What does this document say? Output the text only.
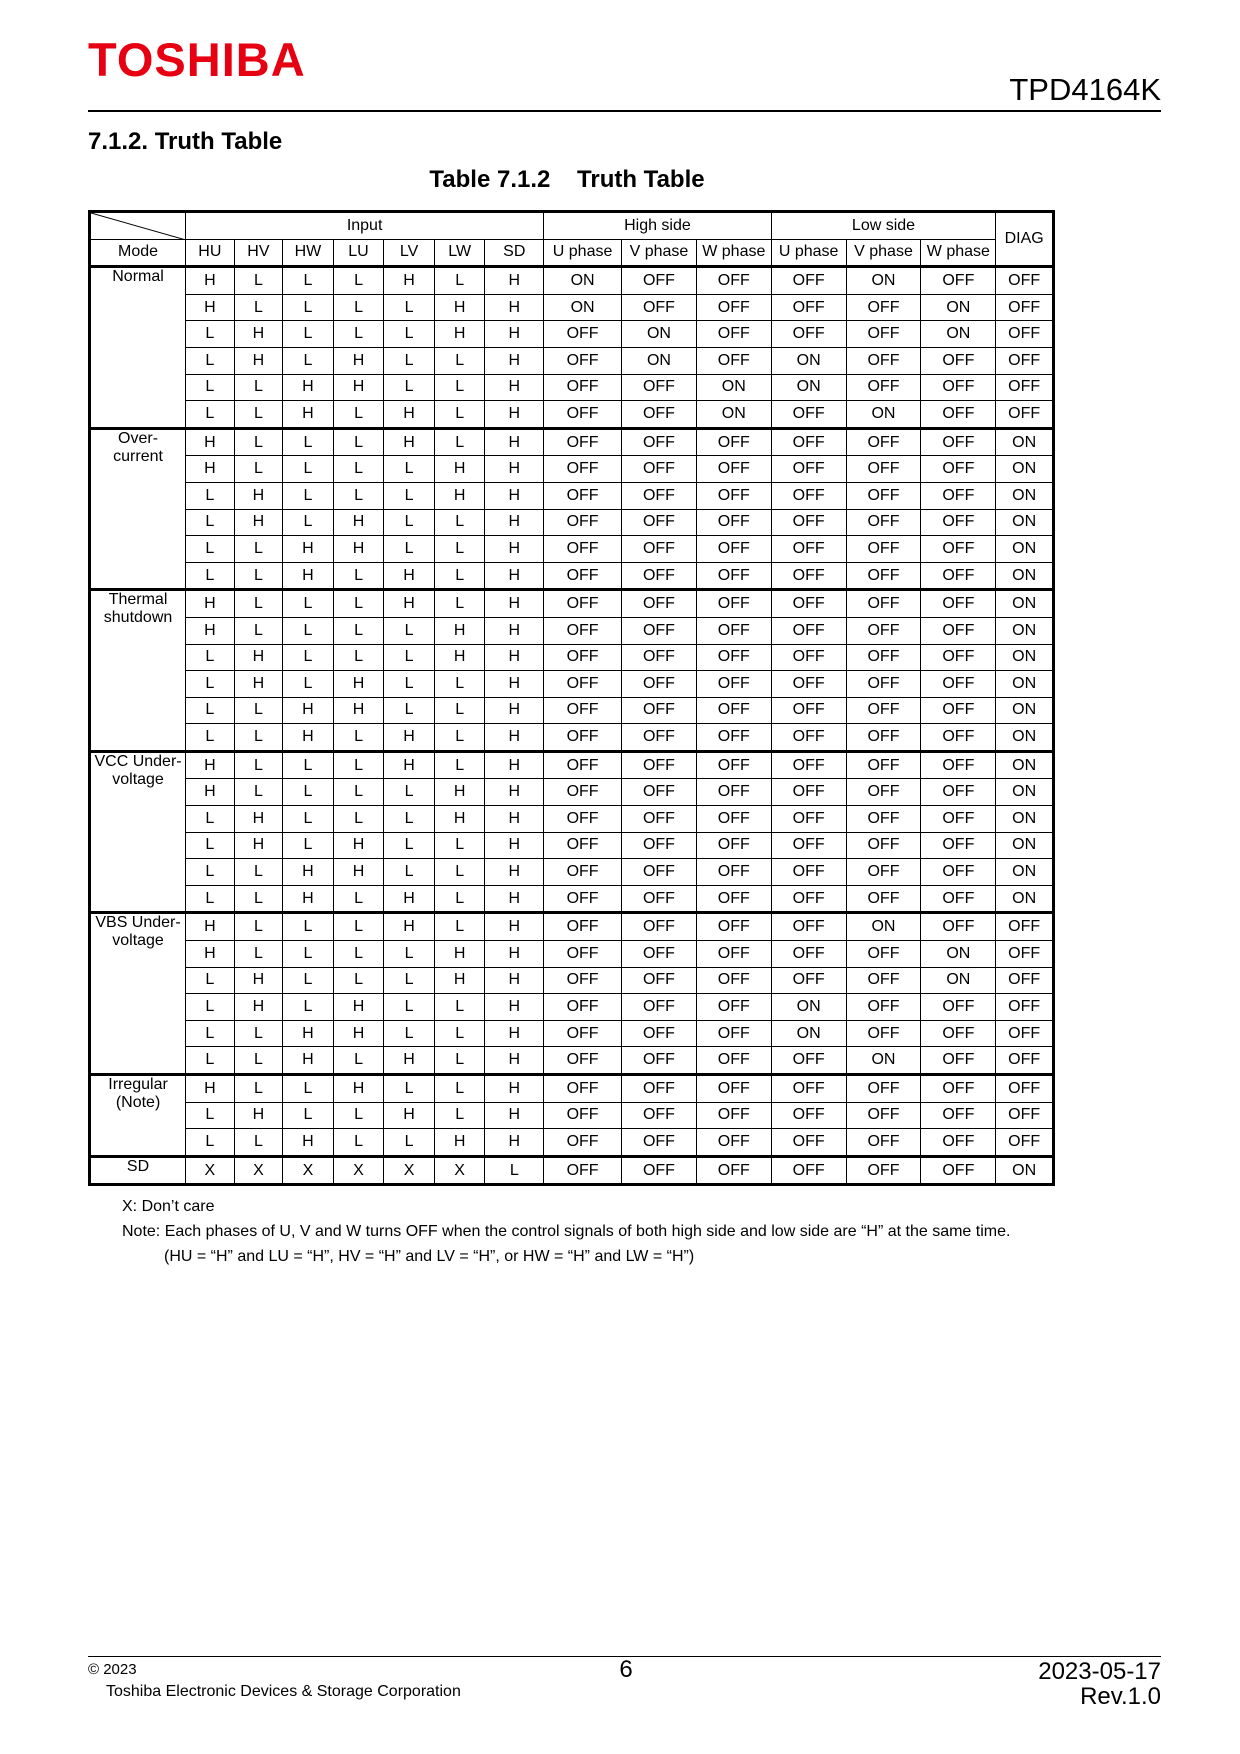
TOSHIBA
TPD4164K
7.1.2. Truth Table
Table 7.1.2    Truth Table
	Input							High side			Low side			DIAG
Mode	HU	HV	HW	LU	LV	LW	SD	U phase	V phase	W phase	U phase	V phase	W phase	

Normal	H	L	L	L	H	L	H	ON	OFF	OFF	OFF	ON	OFF	OFF
	H	L	L	L	L	H	H	ON	OFF	OFF	OFF	OFF	ON	OFF
	L	H	L	L	L	H	H	OFF	ON	OFF	OFF	OFF	ON	OFF
	L	H	L	H	L	L	H	OFF	ON	OFF	ON	OFF	OFF	OFF
	L	L	H	H	L	L	H	OFF	OFF	ON	ON	OFF	OFF	OFF
	L	L	H	L	H	L	H	OFF	OFF	ON	OFF	ON	OFF	OFF

Over-
current	H	L	L	L	H	L	H	OFF	OFF	OFF	OFF	OFF	OFF	ON
	H	L	L	L	L	H	H	OFF	OFF	OFF	OFF	OFF	OFF	ON
	L	H	L	L	L	H	H	OFF	OFF	OFF	OFF	OFF	OFF	ON
	L	H	L	H	L	L	H	OFF	OFF	OFF	OFF	OFF	OFF	ON
	L	L	H	H	L	L	H	OFF	OFF	OFF	OFF	OFF	OFF	ON
	L	L	H	L	H	L	H	OFF	OFF	OFF	OFF	OFF	OFF	ON

Thermal
shutdown	H	L	L	L	H	L	H	OFF	OFF	OFF	OFF	OFF	OFF	ON
	H	L	L	L	L	H	H	OFF	OFF	OFF	OFF	OFF	OFF	ON
	L	H	L	L	L	H	H	OFF	OFF	OFF	OFF	OFF	OFF	ON
	L	H	L	H	L	L	H	OFF	OFF	OFF	OFF	OFF	OFF	ON
	L	L	H	H	L	L	H	OFF	OFF	OFF	OFF	OFF	OFF	ON
	L	L	H	L	H	L	H	OFF	OFF	OFF	OFF	OFF	OFF	ON

VCC Under-
voltage	H	L	L	L	H	L	H	OFF	OFF	OFF	OFF	OFF	OFF	ON
	H	L	L	L	L	H	H	OFF	OFF	OFF	OFF	OFF	OFF	ON
	L	H	L	L	L	H	H	OFF	OFF	OFF	OFF	OFF	OFF	ON
	L	H	L	H	L	L	H	OFF	OFF	OFF	OFF	OFF	OFF	ON
	L	L	H	H	L	L	H	OFF	OFF	OFF	OFF	OFF	OFF	ON
	L	L	H	L	H	L	H	OFF	OFF	OFF	OFF	OFF	OFF	ON

VBS Under-
voltage	H	L	L	L	H	L	H	OFF	OFF	OFF	OFF	ON	OFF	OFF
	H	L	L	L	L	H	H	OFF	OFF	OFF	OFF	OFF	ON	OFF
	L	H	L	L	L	H	H	OFF	OFF	OFF	OFF	OFF	ON	OFF
	L	H	L	H	L	L	H	OFF	OFF	OFF	ON	OFF	OFF	OFF
	L	L	H	H	L	L	H	OFF	OFF	OFF	ON	OFF	OFF	OFF
	L	L	H	L	H	L	H	OFF	OFF	OFF	OFF	ON	OFF	OFF

Irregular
(Note)	H	L	L	H	L	L	H	OFF	OFF	OFF	OFF	OFF	OFF	OFF
	L	H	L	L	H	L	H	OFF	OFF	OFF	OFF	OFF	OFF	OFF
	L	L	H	L	L	H	H	OFF	OFF	OFF	OFF	OFF	OFF	OFF

SD	X	X	X	X	X	X	L	OFF	OFF	OFF	OFF	OFF	OFF	ON
X: Don’t care
Note: Each phases of U, V and W turns OFF when the control signals of both high side and low side are “H” at the same time.
(HU = “H” and LU = “H”, HV = “H” and LV = “H”, or HW = “H” and LW = “H”)
© 2023
Toshiba Electronic Devices & Storage Corporation
6	2023-05-17
Rev.1.0
